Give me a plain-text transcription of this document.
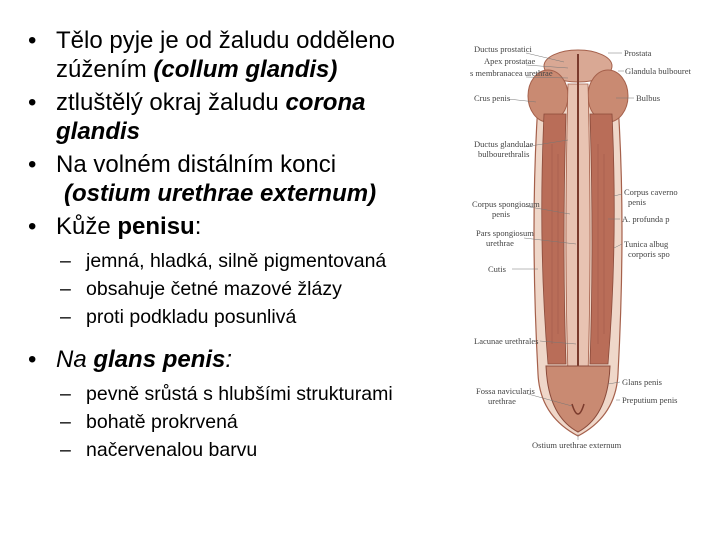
• Tělo pyje je od žaludu odděleno
zúžením (collum glandis)
• ztluštělý okraj žaludu corona
glandis
• Na volném distálním konci
(ostium urethrae externum)
• Kůže penisu:
– jemná, hladká, silně pigmentovaná
– obsahuje četné mazové žlázy
– proti podkladu posunlivá
• Na glans penis:
– pevně srůstá s hlubšími strukturami
– bohatě prokrvená
– načervenalou barvu
Ductus prostatici
Apex prostatae
s membranacea urethrae
Crus penis
Ductus glandulae
bulbourethralis
Corpus spongiosum
penis
Pars spongiosum
urethrae
Cutis
Lacunae urethrales
Fossa navicularis
urethrae
Prostata
Glandula bulbouret
Bulbus
Corpus caverno
penis
A. profunda p
Tunica albug
corporis spo
Glans penis
Preputium penis
Ostium urethrae externum
